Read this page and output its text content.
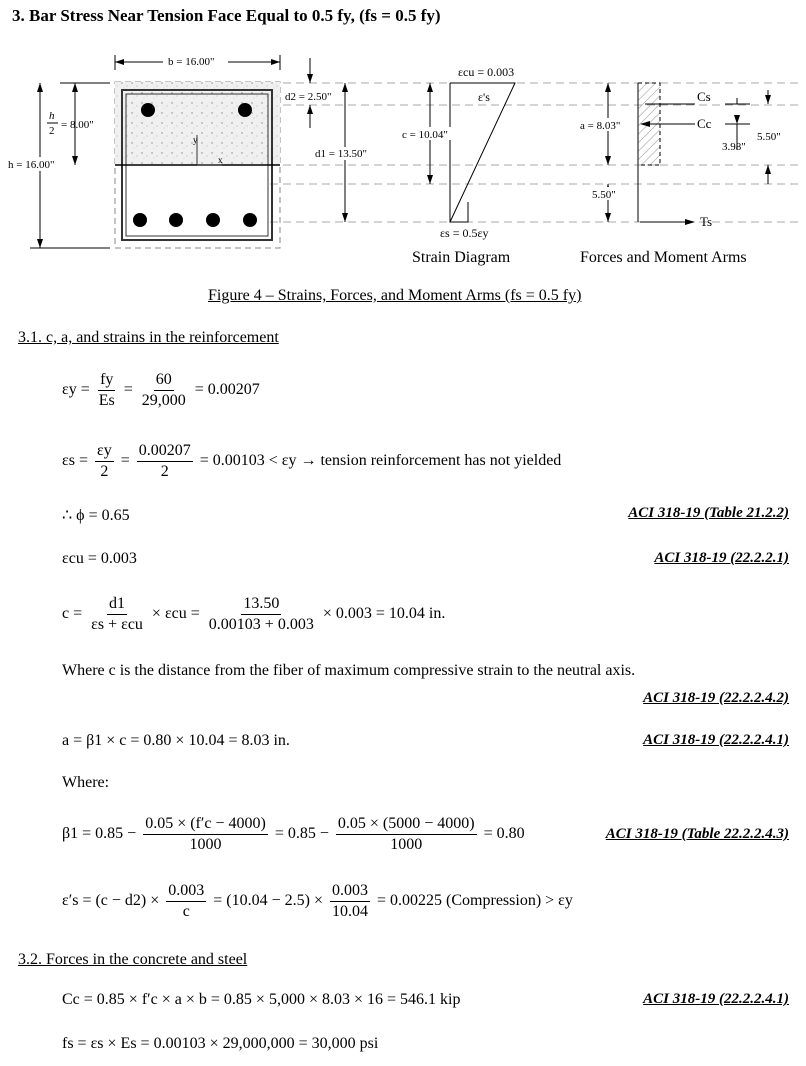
3. Bar Stress Near Tension Face Equal to 0.5 fy, (fs = 0.5 fy)
y
x
b = 16.00"
h
2 = 8.00"
h = 16.00"
d2 = 2.50"
d1 = 13.50"
c = 10.04"
εcu = 0.003
ε's
εs = 0.5εy
Strain Diagram
a = 8.03"
5.50"
Cs
Cc
Ts
3.98"
5.50"
Forces and Moment Arms
Figure 4 – Strains, Forces, and Moment Arms (fs = 0.5 fy)
3.1. c, a, and strains in the reinforcement
$\varepsilon y = \frac{fy}{Es} = \frac{60}{29,000} = 0.00207$
$\varepsilon s = \frac{\varepsilon y}{2} = \frac{0.00207}{2} = 0.00103 < \varepsilon y$ → tension reinforcement has not yielded
∴ ϕ = 0.65	ACI 318-19 (Table 21.2.2)
εcu = 0.003	ACI 318-19 (22.2.2.1)
$c = \frac{d1}{\text{εs + εcu}} \times \varepsilon cu = \frac{13.50}{0.00103 + 0.003} \times 0.003 = 10.04$ in.
Where c is the distance from the fiber of maximum compressive strain to the neutral axis.
ACI 318-19 (22.2.2.4.2)
a = β1 × c = 0.80 × 10.04 = 8.03 in.	ACI 318-19 (22.2.2.4.1)
Where:
$\beta 1 = 0.85 - \frac{0.05 \times (f'c - 4000)}{1000} = 0.85 - \frac{0.05 \times (5000 - 4000)}{1000} = 0.80$	ACI 318-19 (Table 22.2.2.4.3)
$\varepsilon's = (c - d2) \times \frac{0.003}{c} = (10.04 - 2.5) \times \frac{0.003}{10.04} = 0.00225$ (Compression) > εy
3.2. Forces in the concrete and steel
Cc = 0.85 × f′c × a × b = 0.85 × 5,000 × 8.03 × 16 = 546.1 kip	ACI 318-19 (22.2.2.4.1)
fs = εs × Es = 0.00103 × 29,000,000 = 30,000 psi
